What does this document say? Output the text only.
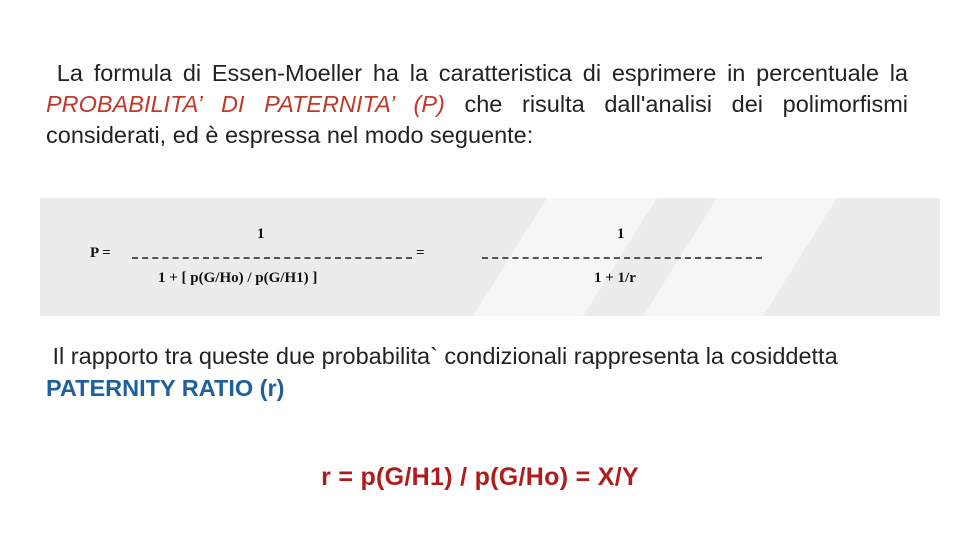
La formula di Essen-Moeller ha la caratteristica di esprimere in percentuale la PROBABILITA’ DI PATERNITA’ (P) che risulta dall'analisi dei polimorfismi considerati, ed è espressa nel modo seguente:
P =
1
1 + [ p(G/Ho) / p(G/H1) ]
=
1
1 + 1/r
Il rapporto tra queste due probabilita` condizionali rappresenta la cosiddetta PATERNITY RATIO (r)
r = p(G/H1) / p(G/Ho) = X/Y
